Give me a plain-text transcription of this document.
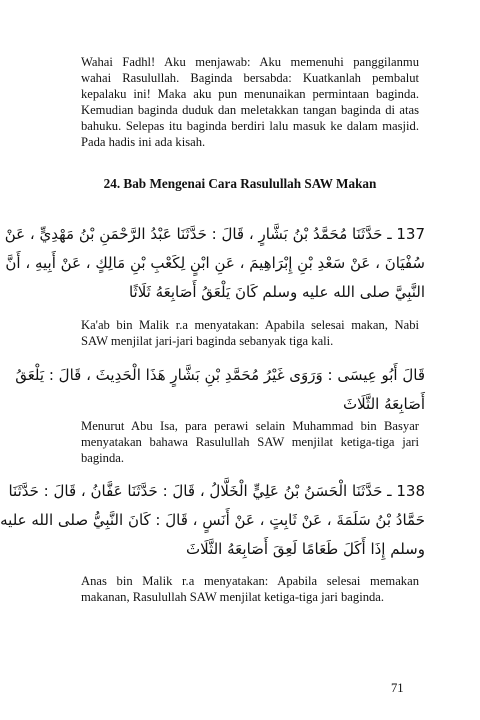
Wahai Fadhl! Aku menjawab: Aku memenuhi panggilanmu
wahai Rasulullah. Baginda bersabda: Kuatkanlah pembalut
kepalaku ini! Maka aku pun menunaikan permintaan baginda.
Kemudian baginda duduk dan meletakkan tangan baginda di atas
bahuku. Selepas itu baginda berdiri lalu masuk ke dalam masjid.
Pada hadis ini ada kisah.

24. Bab Mengenai Cara Rasulullah SAW Makan
137 ـ حَدَّثَنَا مُحَمَّدُ بْنُ بَشَّارٍ ، قَالَ : حَدَّثَنَا عَبْدُ الرَّحْمَنِ بْنُ مَهْدِيٍّ ، عَنْ
سُفْيَانَ ، عَنْ سَعْدِ بْنِ إِبْرَاهِيمَ ، عَنِ ابْنٍ لِكَعْبِ بْنِ مَالِكٍ ، عَنْ أَبِيهِ ، أَنَّ
النَّبِيَّ صلى الله عليه وسلم كَانَ يَلْعَقُ أَصَابِعَهُ ثَلَاثًا

Ka'ab bin Malik r.a menyatakan: Apabila selesai makan, Nabi
SAW menjilat jari-jari baginda sebanyak tiga kali.

قَالَ أَبُو عِيسَى : وَرَوَى غَيْرُ مُحَمَّدِ بْنِ بَشَّارٍ هَذَا الْحَدِيثَ ، قَالَ : يَلْعَقُ
أَصَابِعَهُ الثَّلَاثَ

Menurut Abu Isa, para perawi selain Muhammad bin Basyar
menyatakan bahawa Rasulullah SAW menjilat ketiga-tiga jari
baginda.

138 ـ حَدَّثَنَا الْحَسَنُ بْنُ عَلِيٍّ الْخَلَّالُ ، قَالَ : حَدَّثَنَا عَفَّانُ ، قَالَ : حَدَّثَنَا
حَمَّادُ بْنُ سَلَمَةَ ، عَنْ ثَابِتٍ ، عَنْ أَنَسٍ ، قَالَ : كَانَ النَّبِيُّ صلى الله عليه
وسلم إِذَا أَكَلَ طَعَامًا لَعِقَ أَصَابِعَهُ الثَّلَاثَ

Anas bin Malik r.a menyatakan: Apabila selesai memakan
makanan, Rasulullah SAW menjilat ketiga-tiga jari baginda.

71
